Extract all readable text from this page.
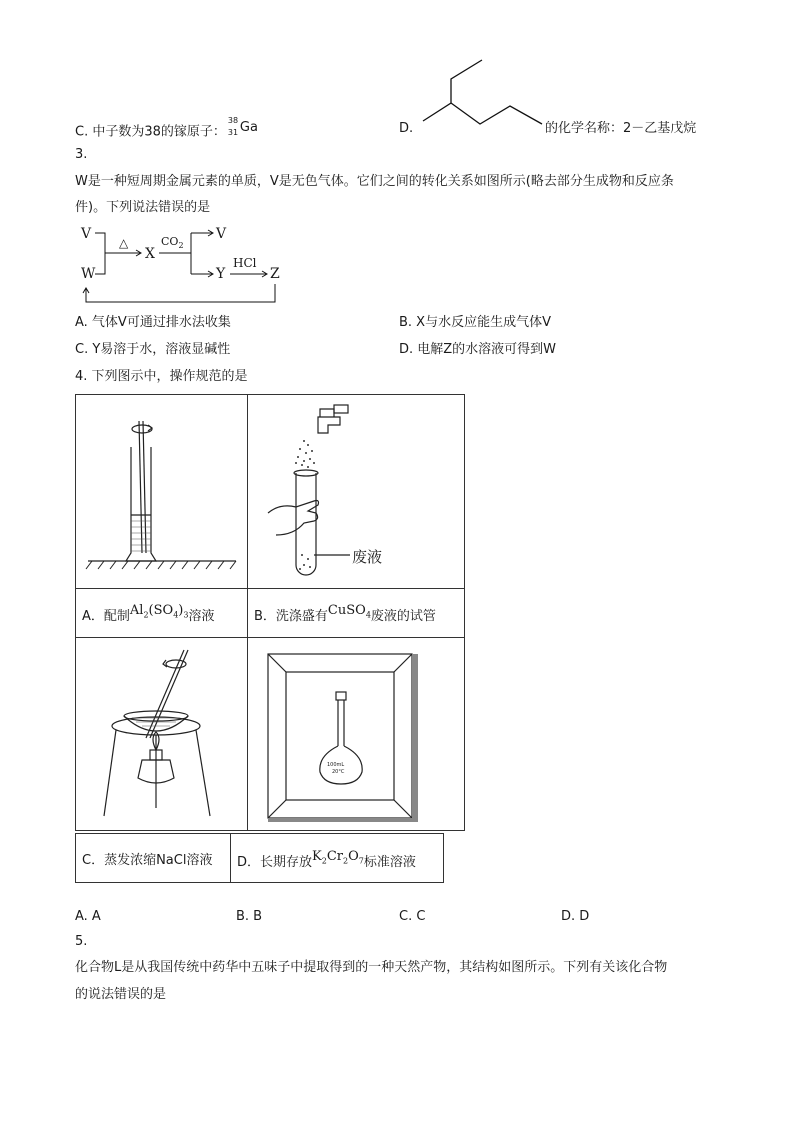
C. 中子数为38的镓原子：
38
31 Ga	D.	的化学名称：2－乙基戊烷
3.
W是一种短周期金属元素的单质，V是无色气体。它们之间的转化关系如图所示(略去部分生成物和反应条
件)。下列说法错误的是
V
W
X
V
Y	Z
△	$CO_2$
HCl
A. 气体V可通过排水法收集	B. X与水反应能生成气体V
C. Y易溶于水，溶液显碱性	D. 电解Z的水溶液可得到W
4. 下列图示中，操作规范的是
废液
A．配制$Al_2(SO_4)_3$溶液	B．洗涤盛有CuSO$_4$废液的试管
100mL
20°C
C．蒸发浓缩NaCl溶液 D．长期存放$K_2Cr_2O_7$标准溶液
A. A	B. B	C. C	D. D
5.
化合物L是从我国传统中药华中五味子中提取得到的一种天然产物，其结构如图所示。下列有关该化合物
的说法错误的是
